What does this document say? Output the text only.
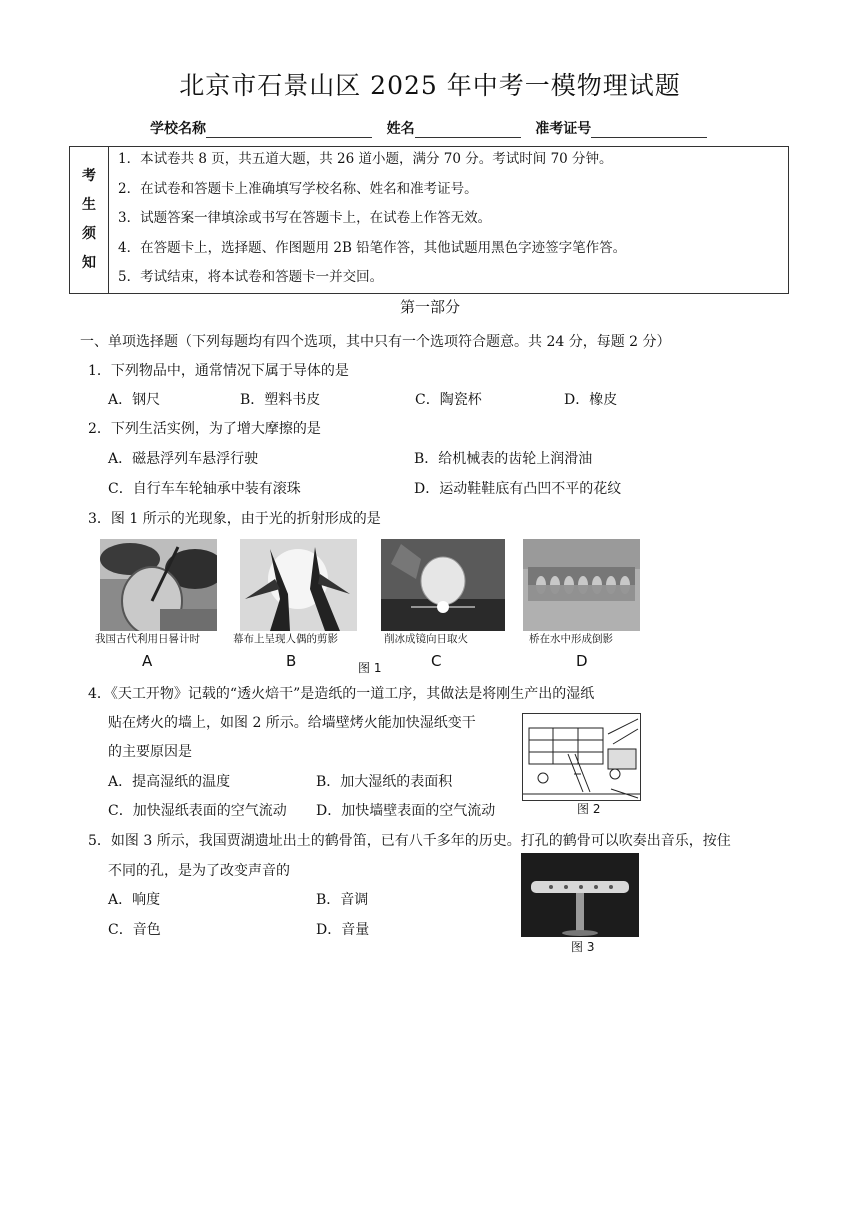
北京市石景山区 2025 年中考一模物理试题
学校名称	姓名	准考证号
考
生
须
知
1．本试卷共 8 页，共五道大题，共 26 道小题，满分 70 分。考试时间 70 分钟。
2．在试卷和答题卡上准确填写学校名称、姓名和准考证号。
3．试题答案一律填涂或书写在答题卡上，在试卷上作答无效。
4．在答题卡上，选择题、作图题用 2B 铅笔作答，其他试题用黑色字迹签字笔作答。
5．考试结束，将本试卷和答题卡一并交回。
第一部分
一、单项选择题（下列每题均有四个选项，其中只有一个选项符合题意。共 24 分，每题 2 分）
1．下列物品中，通常情况下属于导体的是
A．钢尺	B．塑料书皮	C．陶瓷杯	D．橡皮
2．下列生活实例，为了增大摩擦的是
A．磁悬浮列车悬浮行驶	B．给机械表的齿轮上润滑油
C．自行车车轮轴承中装有滚珠	D．运动鞋鞋底有凸凹不平的花纹
3．图 1 所示的光现象，由于光的折射形成的是
我国古代利用日晷计时	幕布上呈现人偶的剪影	削冰成镜向日取火	桥在水中形成倒影
A	B	C	D
图 1
4．《天工开物》记载的“透火焙干”是造纸的一道工序，其做法是将刚生产出的湿纸
贴在烤火的墙上，如图 2 所示。给墙壁烤火能加快湿纸变干
的主要原因是
A．提高湿纸的温度	B．加大湿纸的表面积
C．加快湿纸表面的空气流动 D．加快墙壁表面的空气流动	图 2
5．如图 3 所示，我国贾湖遗址出土的鹤骨笛，已有八千多年的历史。打孔的鹤骨可以吹奏出音乐，按住
不同的孔，是为了改变声音的
A．响度	B．音调
C．音色	D．音量
图 3
